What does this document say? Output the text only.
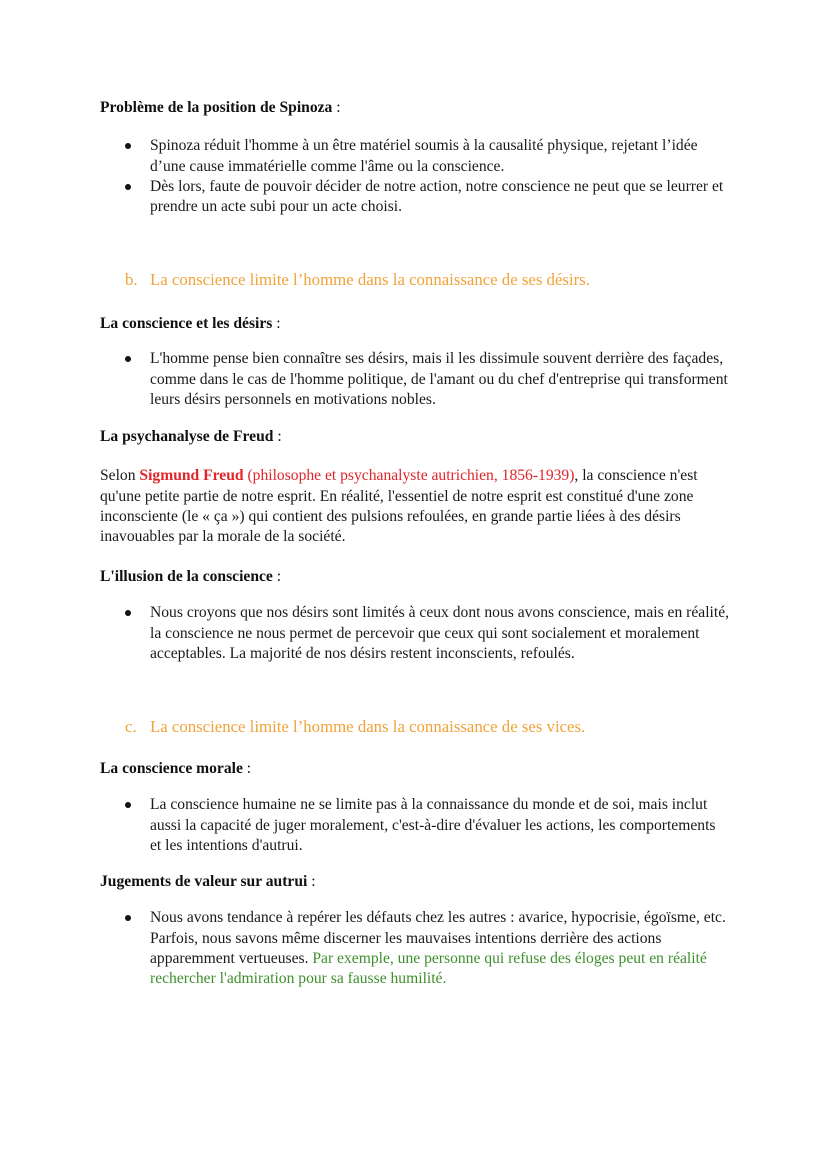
Problème de la position de Spinoza :

Spinoza réduit l'homme à un être matériel soumis à la causalité physique, rejetant l’idée d’une cause immatérielle comme l'âme ou la conscience.
Dès lors, faute de pouvoir décider de notre action, notre conscience ne peut que se leurrer et prendre un acte subi pour un acte choisi.
b. La conscience limite l’homme dans la connaissance de ses désirs.

La conscience et les désirs :

L'homme pense bien connaître ses désirs, mais il les dissimule souvent derrière des façades, comme dans le cas de l'homme politique, de l'amant ou du chef d'entreprise qui transforment leurs désirs personnels en motivations nobles.

La psychanalyse de Freud :

Selon Sigmund Freud (philosophe et psychanalyste autrichien, 1856-1939), la conscience n'est qu'une petite partie de notre esprit. En réalité, l'essentiel de notre esprit est constitué d'une zone inconsciente (le « ça ») qui contient des pulsions refoulées, en grande partie liées à des désirs inavouables par la morale de la société.

L'illusion de la conscience :

Nous croyons que nos désirs sont limités à ceux dont nous avons conscience, mais en réalité, la conscience ne nous permet de percevoir que ceux qui sont socialement et moralement acceptables. La majorité de nos désirs restent inconscients, refoulés.
c. La conscience limite l’homme dans la connaissance de ses vices.

La conscience morale :

La conscience humaine ne se limite pas à la connaissance du monde et de soi, mais inclut aussi la capacité de juger moralement, c'est-à-dire d'évaluer les actions, les comportements et les intentions d'autrui.

Jugements de valeur sur autrui :

Nous avons tendance à repérer les défauts chez les autres : avarice, hypocrisie, égoïsme, etc. Parfois, nous savons même discerner les mauvaises intentions derrière des actions apparemment vertueuses. Par exemple, une personne qui refuse des éloges peut en réalité rechercher l'admiration pour sa fausse humilité.
